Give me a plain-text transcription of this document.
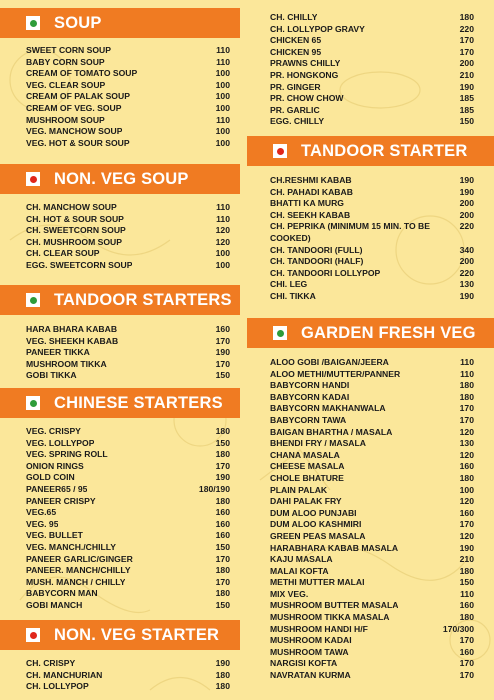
SOUP
SWEET CORN SOUP	110
BABY CORN SOUP	110
CREAM OF TOMATO SOUP	100
VEG. CLEAR SOUP	100
CREAM OF PALAK SOUP	100
CREAM OF VEG. SOUP	100
MUSHROOM SOUP	110
VEG. MANCHOW SOUP	100
VEG. HOT & SOUR SOUP	100
NON. VEG SOUP
CH. MANCHOW SOUP	110
CH. HOT & SOUR SOUP	110
CH. SWEETCORN SOUP	120
CH. MUSHROOM SOUP	120
CH. CLEAR SOUP	100
EGG. SWEETCORN SOUP	100
TANDOOR STARTERS
HARA BHARA KABAB	160
VEG. SHEEKH KABAB	170
PANEER TIKKA	190
MUSHROOM TIKKA	170
GOBI TIKKA	150
CHINESE STARTERS
VEG. CRISPY	180
VEG. LOLLYPOP	150
VEG. SPRING ROLL	180
ONION RINGS	170
GOLD COIN	190
PANEER65 / 95	180/190
PANEER CRISPY	180
VEG.65	160
VEG. 95	160
VEG. BULLET	160
VEG. MANCH./CHILLY	150
PANEER GARLIC/GINGER	170
PANEER. MANCH/CHILLY	180
MUSH. MANCH / CHILLY	170
BABYCORN MAN	180
GOBI MANCH	150
NON. VEG STARTER
CH. CRISPY	190
CH. MANCHURIAN	180
CH. LOLLYPOP	180
CH. CHILLY	180
CH. LOLLYPOP GRAVY	220
CHICKEN 65	170
CHICKEN 95	170
PRAWNS CHILLY	200
PR. HONGKONG	210
PR. GINGER	190
PR. CHOW CHOW	185
PR. GARLIC	185
EGG. CHILLY	150
TANDOOR STARTER
CH.RESHMI KABAB	190
CH. PAHADI KABAB	190
BHATTI KA MURG	200
CH. SEEKH KABAB	200
CH. PEPRIKA (MINIMUM 15 MIN. TO BE COOKED)
220
CH. TANDOORI (FULL)	340
CH. TANDOORI (HALF)	200
CH. TANDOORI LOLLYPOP	220
CHI. LEG	130
CHI. TIKKA	190
GARDEN FRESH VEG
ALOO GOBI /BAIGAN/JEERA	110
ALOO METHI/MUTTER/PANNER	110
BABYCORN HANDI	180
BABYCORN KADAI	180
BABYCORN MAKHANWALA	170
BABYCORN TAWA	170
BAIGAN BHARTHA / MASALA	120
BHENDI FRY / MASALA	130
CHANA MASALA	120
CHEESE MASALA	160
CHOLE BHATURE	180
PLAIN PALAK	100
DAHI PALAK FRY	120
DUM ALOO PUNJABI	160
DUM ALOO KASHMIRI	170
GREEN PEAS MASALA	120
HARABHARA KABAB MASALA	190
KAJU MASALA	210
MALAI KOFTA	180
METHI MUTTER MALAI	150
MIX VEG.	110
MUSHROOM BUTTER MASALA	160
MUSHROOM TIKKA MASALA	180
MUSHROOM HANDI H/F	170/300
MUSHROOM KADAI	170
MUSHROOM TAWA	160
NARGISI KOFTA	170
NAVRATAN KURMA	170
